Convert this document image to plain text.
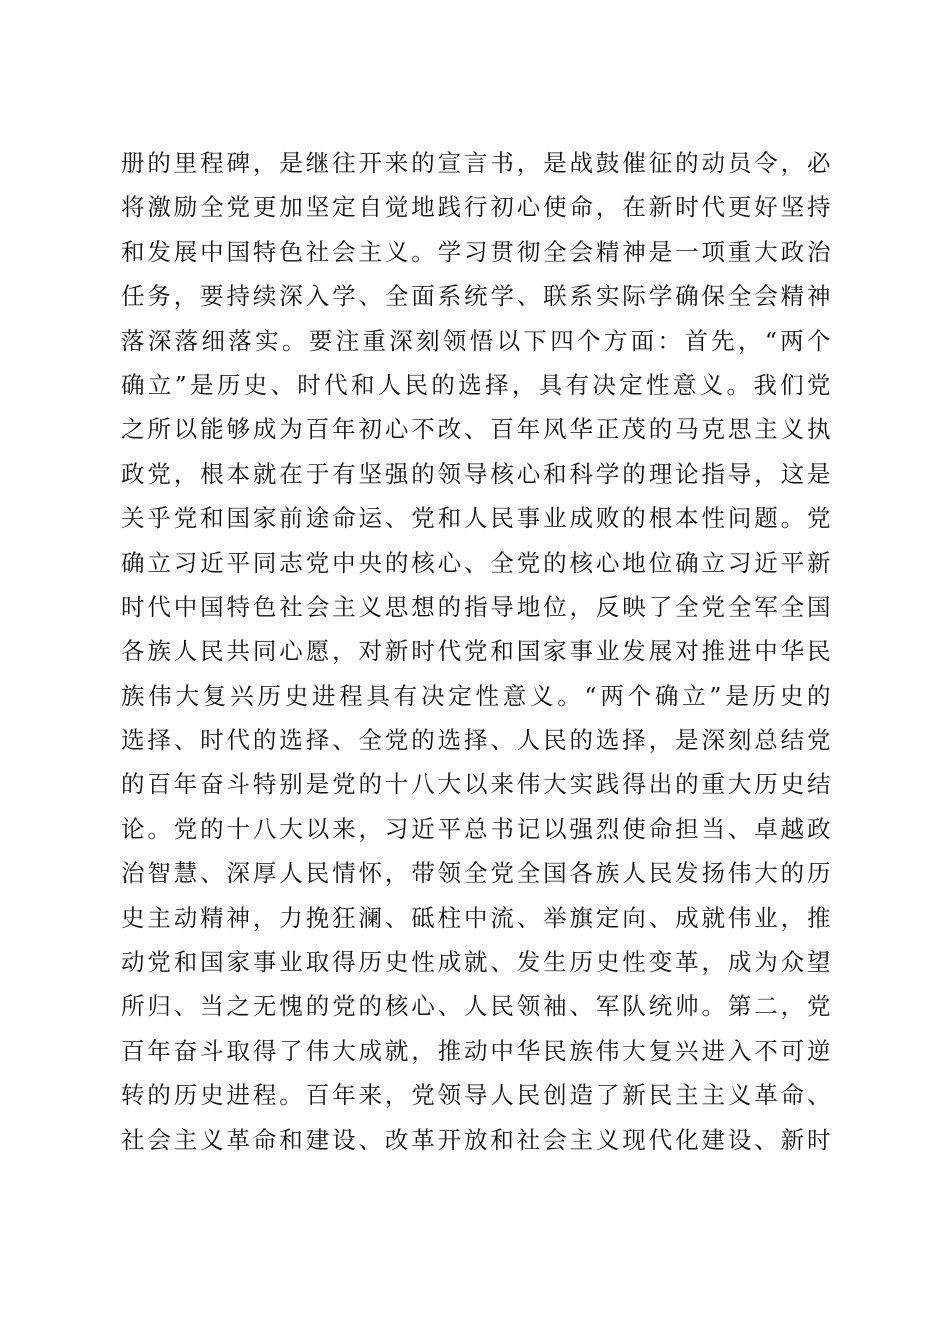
册的里程碑，是继往开来的宣言书，是战鼓催征的动员令，必
将激励全党更加坚定自觉地践行初心使命，在新时代更好坚持
和发展中国特色社会主义。学习贯彻全会精神是一项重大政治
任务，要持续深入学、全面系统学、联系实际学确保全会精神
落深落细落实。要注重深刻领悟以下四个方面：首先，“两个
确立”是历史、时代和人民的选择，具有决定性意义。我们党
之所以能够成为百年初心不改、百年风华正茂的马克思主义执
政党，根本就在于有坚强的领导核心和科学的理论指导，这是
关乎党和国家前途命运、党和人民事业成败的根本性问题。党
确立习近平同志党中央的核心、全党的核心地位确立习近平新
时代中国特色社会主义思想的指导地位，反映了全党全军全国
各族人民共同心愿，对新时代党和国家事业发展对推进中华民
族伟大复兴历史进程具有决定性意义。“两个确立”是历史的
选择、时代的选择、全党的选择、人民的选择，是深刻总结党
的百年奋斗特别是党的十八大以来伟大实践得出的重大历史结
论。党的十八大以来，习近平总书记以强烈使命担当、卓越政
治智慧、深厚人民情怀，带领全党全国各族人民发扬伟大的历
史主动精神，力挽狂澜、砥柱中流、举旗定向、成就伟业，推
动党和国家事业取得历史性成就、发生历史性变革，成为众望
所归、当之无愧的党的核心、人民领袖、军队统帅。第二，党
百年奋斗取得了伟大成就，推动中华民族伟大复兴进入不可逆
转的历史进程。百年来，党领导人民创造了新民主主义革命、
社会主义革命和建设、改革开放和社会主义现代化建设、新时
